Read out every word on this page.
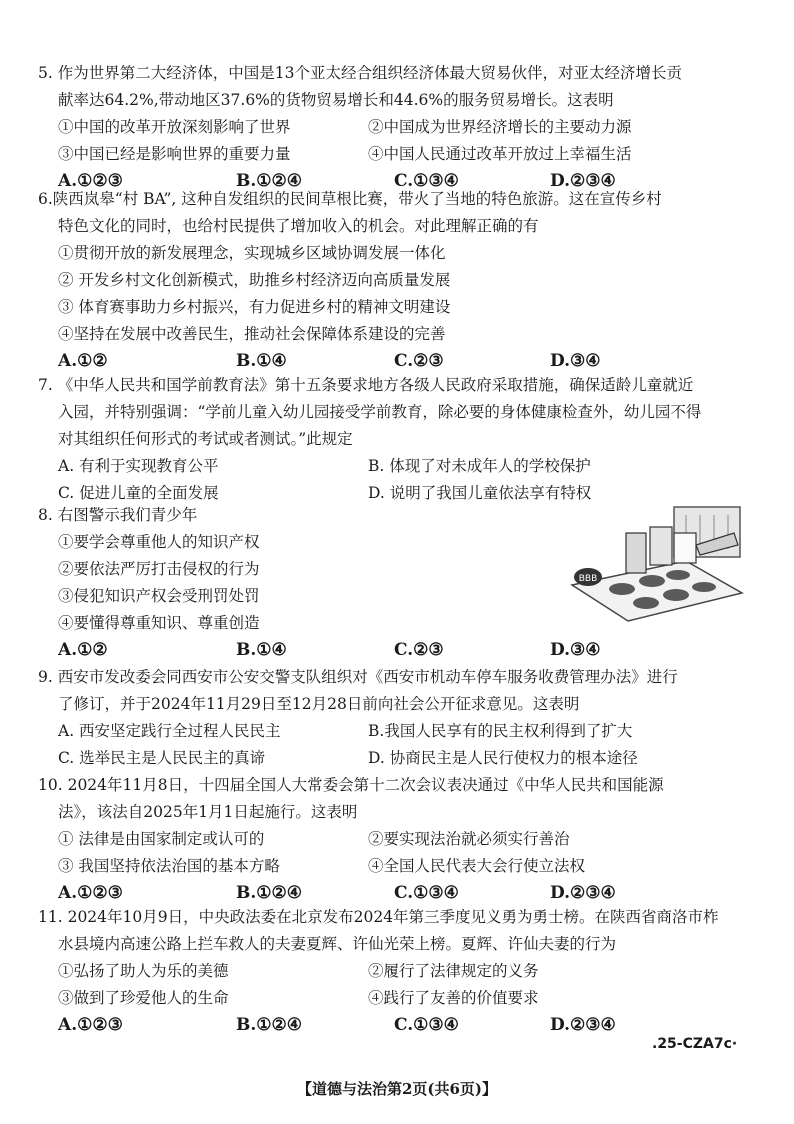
5. 作为世界第二大经济体，中国是13个亚太经合组织经济体最大贸易伙伴，对亚太经济增长贡
献率达64.2%,带动地区37.6%的货物贸易增长和44.6%的服务贸易增长。这表明
①中国的改革开放深刻影响了世界	②中国成为世界经济增长的主要动力源
③中国已经是影响世界的重要力量	④中国人民通过改革开放过上幸福生活
A.①②③	B.①②④	C.①③④	D.②③④
6.陕西岚皋“村 BA”, 这种自发组织的民间草根比赛，带火了当地的特色旅游。这在宣传乡村
特色文化的同时，也给村民提供了增加收入的机会。对此理解正确的有
①贯彻开放的新发展理念，实现城乡区域协调发展一体化
② 开发乡村文化创新模式，助推乡村经济迈向高质量发展
③ 体育赛事助力乡村振兴，有力促进乡村的精神文明建设
④坚持在发展中改善民生，推动社会保障体系建设的完善
A.①②	B.①④	C.②③	D.③④
7. 《中华人民共和国学前教育法》第十五条要求地方各级人民政府采取措施，确保适龄儿童就近
入园，并特别强调：“学前儿童入幼儿园接受学前教育，除必要的身体健康检查外，幼儿园不得
对其组织任何形式的考试或者测试。”此规定
A. 有利于实现教育公平	B. 体现了对未成年人的学校保护
C. 促进儿童的全面发展	D. 说明了我国儿童依法享有特权
8. 右图警示我们青少年
①要学会尊重他人的知识产权
②要依法严厉打击侵权的行为
③侵犯知识产权会受刑罚处罚
④要懂得尊重知识、尊重创造
A.①②	B.①④	C.②③	D.③④
BBB
9. 西安市发改委会同西安市公安交警支队组织对《西安市机动车停车服务收费管理办法》进行
了修订，并于2024年11月29日至12月28日前向社会公开征求意见。这表明
A. 西安坚定践行全过程人民民主	B.我国人民享有的民主权利得到了扩大
C. 选举民主是人民民主的真谛	D. 协商民主是人民行使权力的根本途径
10. 2024年11月8日，十四届全国人大常委会第十二次会议表决通过《中华人民共和国能源
法》，该法自2025年1月1日起施行。这表明
① 法律是由国家制定或认可的	②要实现法治就必须实行善治
③ 我国坚持依法治国的基本方略	④全国人民代表大会行使立法权
A.①②③	B.①②④	C.①③④	D.②③④
11. 2024年10月9日，中央政法委在北京发布2024年第三季度见义勇为勇士榜。在陕西省商洛市柞
水县境内高速公路上拦车救人的夫妻夏辉、许仙光荣上榜。夏辉、许仙夫妻的行为
①弘扬了助人为乐的美德	②履行了法律规定的义务
③做到了珍爱他人的生命	④践行了友善的价值要求
A.①②③	B.①②④	C.①③④	D.②③④
.25-CZA7c·
【道德与法治第2页(共6页)】
